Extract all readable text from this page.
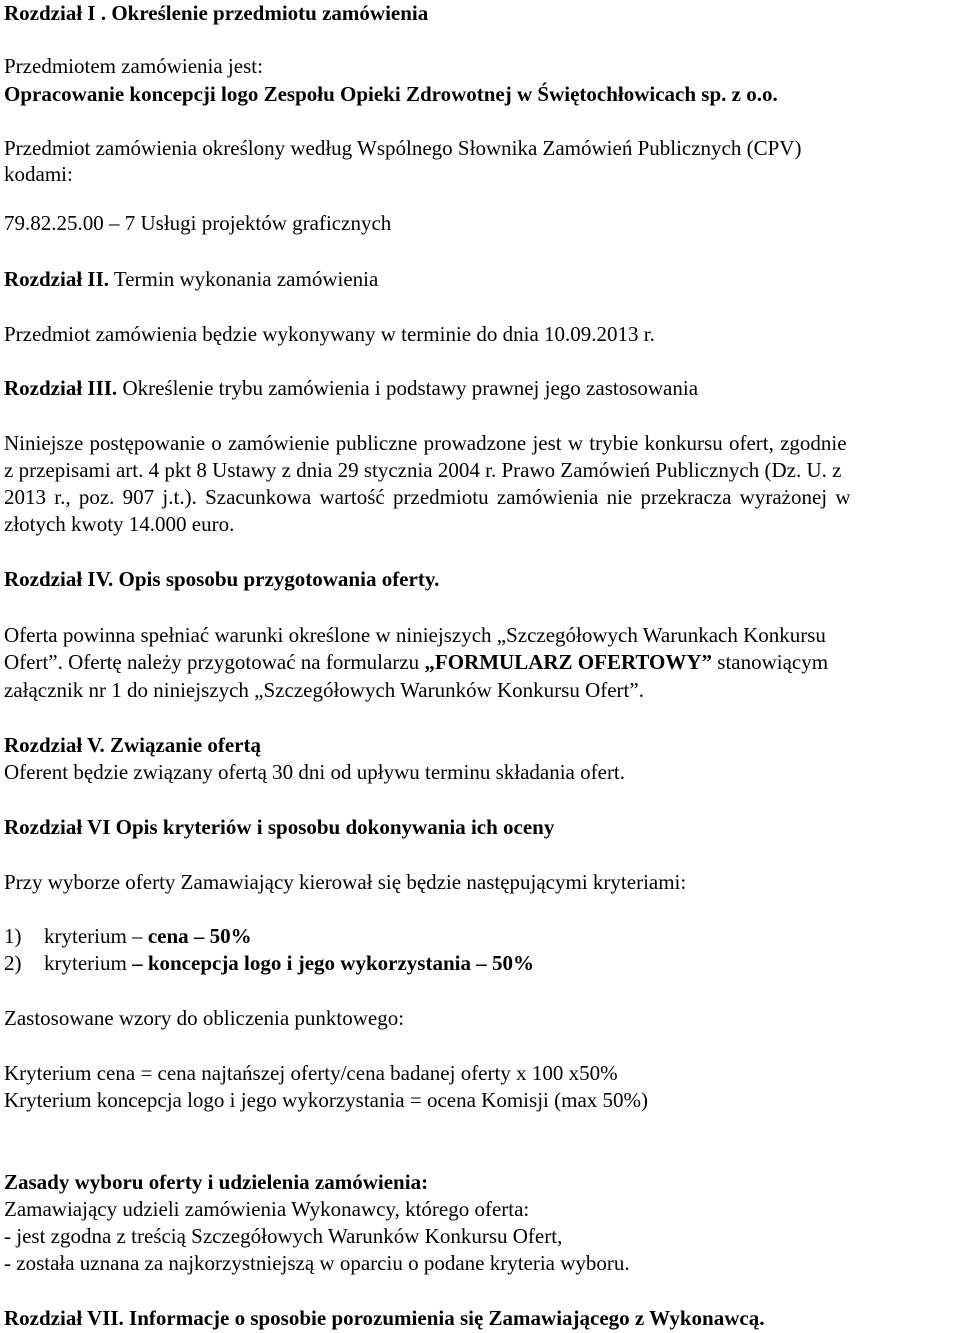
Rozdział I . Określenie przedmiotu zamówienia
Przedmiotem zamówienia jest:
Opracowanie koncepcji logo Zespołu Opieki Zdrowotnej w Świętochłowicach sp. z o.o.
Przedmiot zamówienia określony według Wspólnego Słownika Zamówień Publicznych (CPV)
kodami:
79.82.25.00 – 7 Usługi projektów graficznych
Rozdział II. Termin wykonania zamówienia
Przedmiot zamówienia będzie wykonywany w terminie do dnia 10.09.2013 r.
Rozdział III. Określenie trybu zamówienia i podstawy prawnej jego zastosowania
Niniejsze postępowanie o zamówienie publiczne prowadzone jest w trybie konkursu ofert, zgodnie
z przepisami art. 4 pkt 8 Ustawy z dnia 29 stycznia 2004 r. Prawo Zamówień Publicznych (Dz. U. z
2013 r., poz. 907 j.t.). Szacunkowa wartość przedmiotu zamówienia nie przekracza wyrażonej w
złotych kwoty 14.000 euro.
Rozdział IV. Opis sposobu przygotowania oferty.
Oferta powinna spełniać warunki określone w niniejszych „Szczegółowych Warunkach Konkursu
Ofert”. Ofertę należy przygotować na formularzu „FORMULARZ OFERTOWY” stanowiącym
załącznik nr 1 do niniejszych „Szczegółowych Warunków Konkursu Ofert”.
Rozdział V. Związanie ofertą
Oferent będzie związany ofertą 30 dni od upływu terminu składania ofert.
Rozdział VI Opis kryteriów i sposobu dokonywania ich oceny
Przy wyborze oferty Zamawiający kierował się będzie następującymi kryteriami:
1) kryterium – cena – 50%
2) kryterium – koncepcja logo i jego wykorzystania – 50%
Zastosowane wzory do obliczenia punktowego:
Kryterium cena = cena najtańszej oferty/cena badanej oferty x 100 x50%
Kryterium koncepcja logo i jego wykorzystania = ocena Komisji (max 50%)
Zasady wyboru oferty i udzielenia zamówienia:
Zamawiający udzieli zamówienia Wykonawcy, którego oferta:
- jest zgodna z treścią Szczegółowych Warunków Konkursu Ofert,
- została uznana za najkorzystniejszą w oparciu o podane kryteria wyboru.
Rozdział VII. Informacje o sposobie porozumienia się Zamawiającego z Wykonawcą.
